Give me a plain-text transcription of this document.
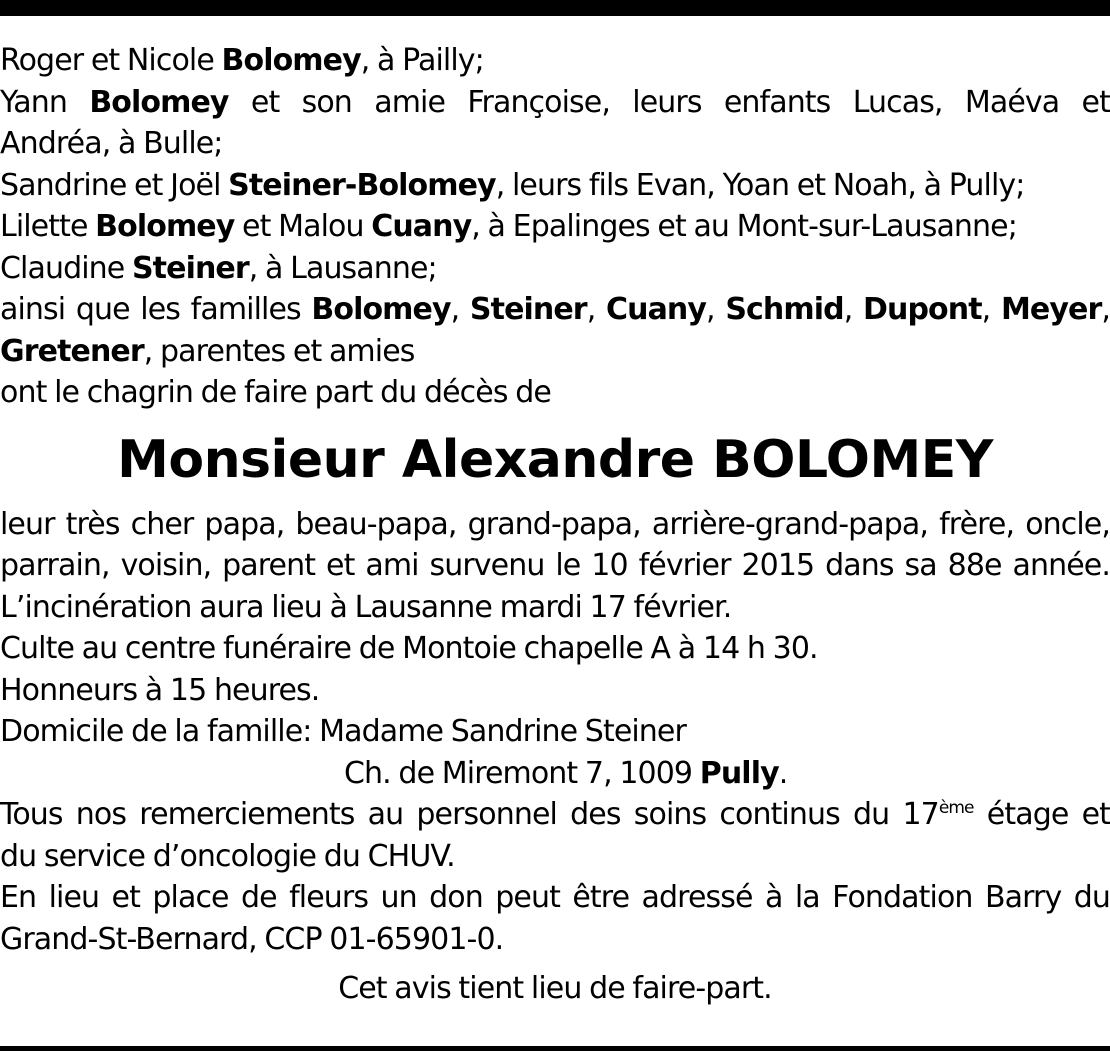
Roger et Nicole Bolomey, à Pailly;
Yann Bolomey et son amie Françoise, leurs enfants Lucas, Maéva et
Andréa, à Bulle;
Sandrine et Joël Steiner-Bolomey, leurs fils Evan, Yoan et Noah, à Pully;
Lilette Bolomey et Malou Cuany, à Epalinges et au Mont-sur-Lausanne;
Claudine Steiner, à Lausanne;
ainsi que les familles Bolomey, Steiner, Cuany, Schmid, Dupont, Meyer,
Gretener, parentes et amies
ont le chagrin de faire part du décès de
Monsieur Alexandre BOLOMEY
leur très cher papa, beau-papa, grand-papa, arrière-grand-papa, frère, oncle,
parrain, voisin, parent et ami survenu le 10 février 2015 dans sa 88e année.
L’incinération aura lieu à Lausanne mardi 17 février.
Culte au centre funéraire de Montoie chapelle A à 14 h 30.
Honneurs à 15 heures.
Domicile de la famille: Madame Sandrine Steiner
Ch. de Miremont 7, 1009 Pully.
Tous nos remerciements au personnel des soins continus du 17ème étage et
du service d’oncologie du CHUV.
En lieu et place de fleurs un don peut être adressé à la Fondation Barry du
Grand-St-Bernard, CCP 01-65901-0.
Cet avis tient lieu de faire-part.
